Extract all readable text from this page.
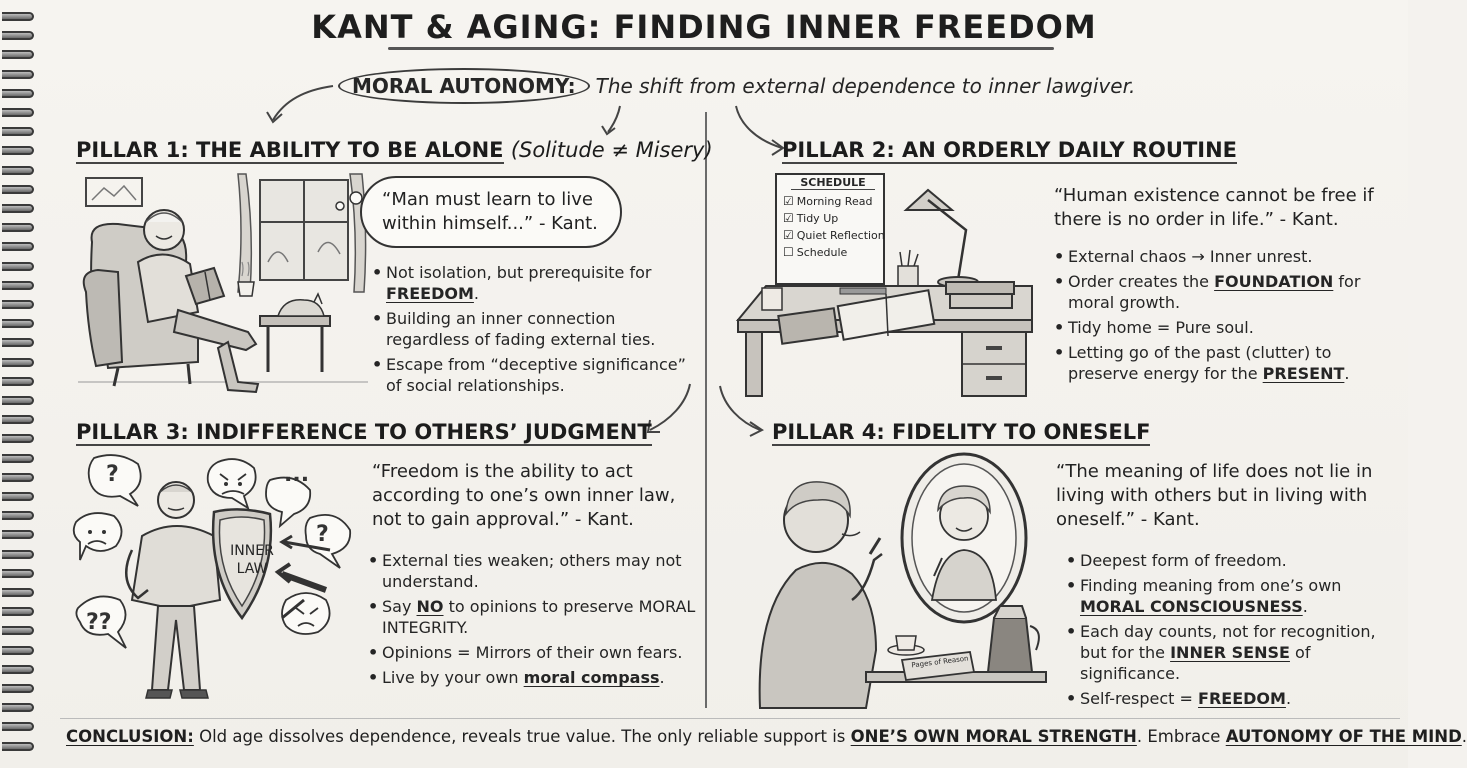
KANT & AGING: FINDING INNER FREEDOM
MORAL AUTONOMY:	The shift from external dependence to inner lawgiver.
PILLAR 1: THE ABILITY TO BE ALONE (Solitude ≠ Misery)
“Man must learn to live within himself...” - Kant.
• Not isolation, but prerequisite for FREEDOM.
• Building an inner connection regardless of fading external ties.
• Escape from “deceptive significance” of social relationships.
PILLAR 2: AN ORDERLY DAILY ROUTINE
SCHEDULE
☑ Morning Read
☑ Tidy Up
☑ Quiet Reflection
☐ Schedule
“Human existence cannot be free if there is no order in life.” - Kant.
• External chaos → Inner unrest.
• Order creates the FOUNDATION for moral growth.
• Tidy home = Pure soul.
• Letting go of the past (clutter) to preserve energy for the PRESENT.
PILLAR 3: INDIFFERENCE TO OTHERS’ JUDGMENT
INNER
LAW
?	...
?
??
“Freedom is the ability to act according to one’s own inner law, not to gain approval.” - Kant.
• External ties weaken; others may not understand.
• Say NO to opinions to preserve MORAL INTEGRITY.
• Opinions = Mirrors of their own fears.
• Live by your own moral compass.
PILLAR 4: FIDELITY TO ONESELF
Pages of Reason
“The meaning of life does not lie in living with others but in living with oneself.” - Kant.
• Deepest form of freedom.
• Finding meaning from one’s own MORAL CONSCIOUSNESS.
• Each day counts, not for recognition, but for the INNER SENSE of significance.
• Self-respect = FREEDOM.
CONCLUSION: Old age dissolves dependence, reveals true value. The only reliable support is ONE’S OWN MORAL STRENGTH. Embrace AUTONOMY OF THE MIND.
